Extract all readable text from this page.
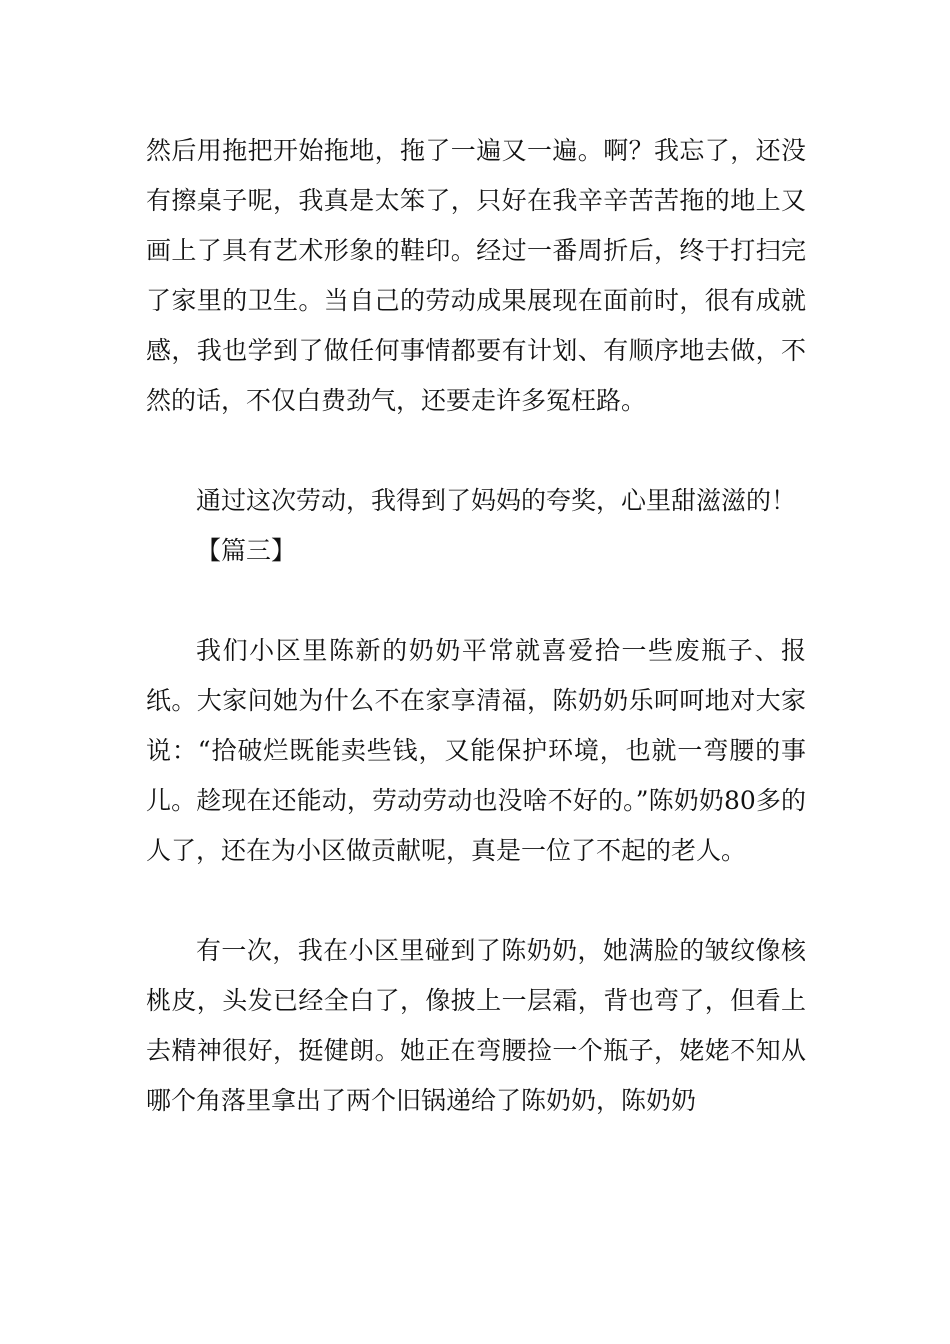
然后用拖把开始拖地，拖了一遍又一遍。啊？我忘了，还没有擦桌子呢，我真是太笨了，只好在我辛辛苦苦拖的地上又画上了具有艺术形象的鞋印。经过一番周折后，终于打扫完了家里的卫生。当自己的劳动成果展现在面前时，很有成就感，我也学到了做任何事情都要有计划、有顺序地去做，不然的话，不仅白费劲气，还要走许多冤枉路。

通过这次劳动，我得到了妈妈的夸奖，心里甜滋滋的！

【篇三】

我们小区里陈新的奶奶平常就喜爱拾一些废瓶子、报纸。大家问她为什么不在家享清福，陈奶奶乐呵呵地对大家说：“拾破烂既能卖些钱，又能保护环境，也就一弯腰的事儿。趁现在还能动，劳动劳动也没啥不好的。”陈奶奶80多的人了，还在为小区做贡献呢，真是一位了不起的老人。

有一次，我在小区里碰到了陈奶奶，她满脸的皱纹像核桃皮，头发已经全白了，像披上一层霜，背也弯了，但看上去精神很好，挺健朗。她正在弯腰捡一个瓶子，姥姥不知从哪个角落里拿出了两个旧锅递给了陈奶奶，陈奶奶
